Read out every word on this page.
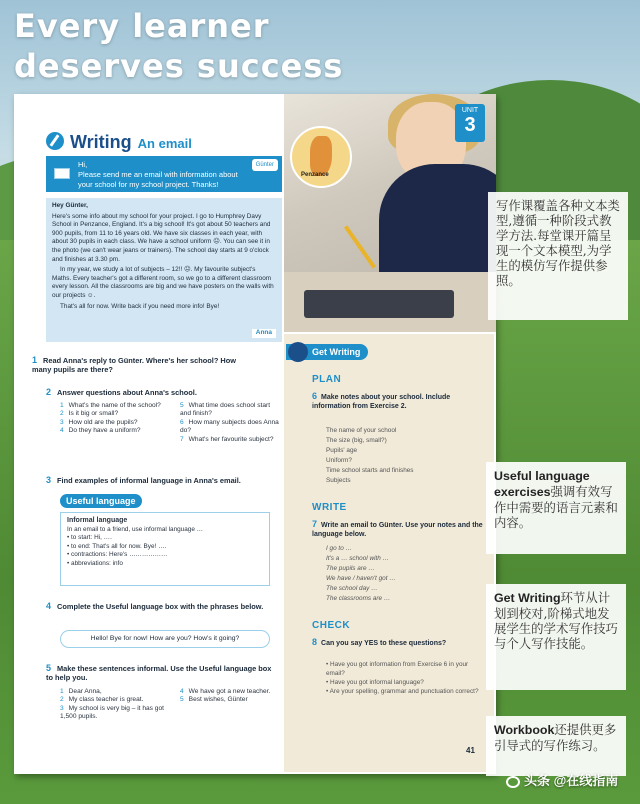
Every learner
deserves success
UNIT
3
Penzance
Writing An email
Günter
Hi,
Please send me an email with information about your school for my school project. Thanks!

Hey Günter,

Here's some info about my school for your project. I go to Humphrey Davy School in Penzance, England. It's a big school! It's got about 50 teachers and 900 pupils, from 11 to 16 years old. We have six classes in each year, with about 30 pupils in each class. We have a school uniform ☹. You can see it in the photo (we can't wear jeans or trainers). The school day starts at 9 o'clock and finishes at 3.30 pm.

In my year, we study a lot of subjects – 12!! ☹. My favourite subject's Maths. Every teacher's got a different room, so we go to a different classroom every lesson. All the classrooms are big and we have posters on the walls with our projects ☺.

That's all for now. Write back if you need more info! Bye!

Anna
1 Read Anna's reply to Günter. Where's her school? How many pupils are there?
2 Answer questions about Anna's school.
1 What's the name of the school?
2 Is it big or small?
3 How old are the pupils?
4 Do they have a uniform?
5 What time does school start and finish?
6 How many subjects does Anna do?
7 What's her favourite subject?
3 Find examples of informal language in Anna's email.
Useful language
Informal language
In an email to a friend, use informal language …
• to start: Hi, ….
• to end: That's all for now. Bye! ….
• contractions: Here's ………………
• abbreviations: info
4 Complete the Useful language box with the phrases below.
Hello! Bye for now! How are you? How's it going?
5 Make these sentences informal. Use the Useful language box to help you.
1 Dear Anna,
2 My class teacher is great.
3 My school is very big – it has got 1,500 pupils.
4 We have got a new teacher.
5 Best wishes, Günter
Get Writing
PLAN
6 Make notes about your school. Include information from Exercise 2.
The name of your school
The size (big, small?)
Pupils' age
Uniform?
Time school starts and finishes
Subjects
WRITE
7 Write an email to Günter. Use your notes and the language below.
I go to …
It's a … school with …
The pupils are …
We have / haven't got …
The school day …
The classrooms are …
CHECK
8 Can you say YES to these questions?
• Have you got information from Exercise 6 in your email?
• Have you got informal language?
• Are your spelling, grammar and punctuation correct?
41
写作课覆盖各种文本类型,遵循一种阶段式教学方法.每堂课开篇呈现一个文本模型,为学生的模仿写作提供参照。
Useful language exercises强调有效写作中需要的语言元素和内容。
Get Writing环节从计划到校对,阶梯式地发展学生的学术写作技巧与个人写作技能。
Workbook还提供更多引导式的写作练习。
头条 @在线指南
